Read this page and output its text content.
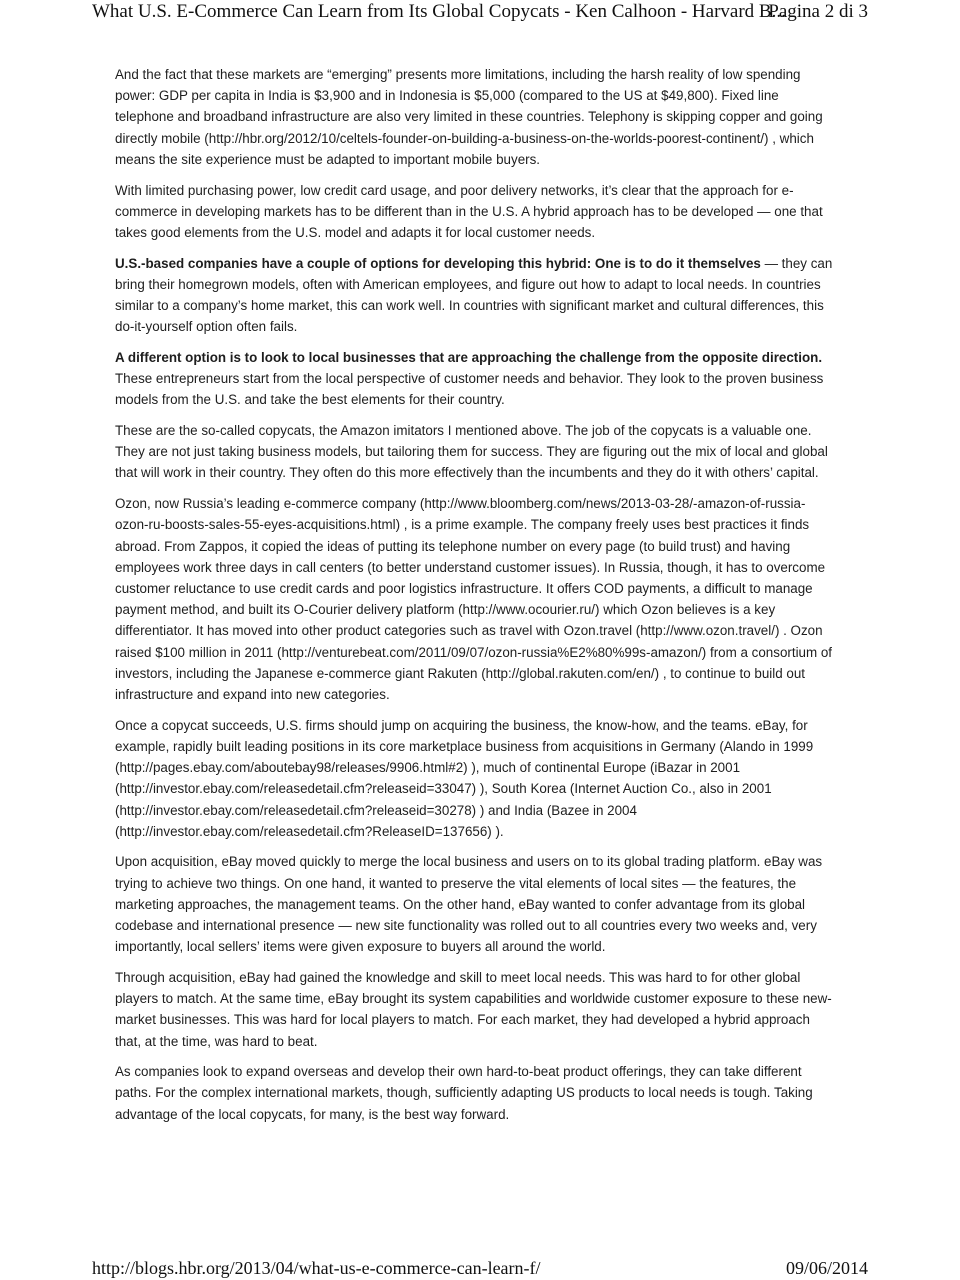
What U.S. E-Commerce Can Learn from Its Global Copycats - Ken Calhoon - Harvard B...
Pagina 2 di 3

And the fact that these markets are “emerging” presents more limitations, including the harsh reality of low spending power: GDP per capita in India is $3,900 and in Indonesia is $5,000 (compared to the US at $49,800). Fixed line telephone and broadband infrastructure are also very limited in these countries. Telephony is skipping copper and going directly mobile (http://hbr.org/2012/10/celtels-founder-on-building-a-business-on-the-worlds-poorest-continent/) , which means the site experience must be adapted to important mobile buyers.

With limited purchasing power, low credit card usage, and poor delivery networks, it’s clear that the approach for e-commerce in developing markets has to be different than in the U.S. A hybrid approach has to be developed — one that takes good elements from the U.S. model and adapts it for local customer needs.

U.S.-based companies have a couple of options for developing this hybrid: One is to do it themselves — they can bring their homegrown models, often with American employees, and figure out how to adapt to local needs. In countries similar to a company’s home market, this can work well. In countries with significant market and cultural differences, this do-it-yourself option often fails.

A different option is to look to local businesses that are approaching the challenge from the opposite direction. These entrepreneurs start from the local perspective of customer needs and behavior. They look to the proven business models from the U.S. and take the best elements for their country.

These are the so-called copycats, the Amazon imitators I mentioned above. The job of the copycats is a valuable one. They are not just taking business models, but tailoring them for success. They are figuring out the mix of local and global that will work in their country. They often do this more effectively than the incumbents and they do it with others’ capital.

Ozon, now Russia’s leading e-commerce company (http://www.bloomberg.com/news/2013-03-28/-amazon-of-russia-ozon-ru-boosts-sales-55-eyes-acquisitions.html) , is a prime example. The company freely uses best practices it finds abroad. From Zappos, it copied the ideas of putting its telephone number on every page (to build trust) and having employees work three days in call centers (to better understand customer issues). In Russia, though, it has to overcome customer reluctance to use credit cards and poor logistics infrastructure. It offers COD payments, a difficult to manage payment method, and built its O-Courier delivery platform (http://www.ocourier.ru/) which Ozon believes is a key differentiator. It has moved into other product categories such as travel with Ozon.travel (http://www.ozon.travel/) . Ozon raised $100 million in 2011 (http://venturebeat.com/2011/09/07/ozon-russia%E2%80%99s-amazon/) from a consortium of investors, including the Japanese e-commerce giant Rakuten (http://global.rakuten.com/en/) , to continue to build out infrastructure and expand into new categories.

Once a copycat succeeds, U.S. firms should jump on acquiring the business, the know-how, and the teams. eBay, for example, rapidly built leading positions in its core marketplace business from acquisitions in Germany (Alando in 1999 (http://pages.ebay.com/aboutebay98/releases/9906.html#2) ), much of continental Europe (iBazar in 2001 (http://investor.ebay.com/releasedetail.cfm?releaseid=33047) ), South Korea (Internet Auction Co., also in 2001 (http://investor.ebay.com/releasedetail.cfm?releaseid=30278) ) and India (Bazee in 2004 (http://investor.ebay.com/releasedetail.cfm?ReleaseID=137656) ).

Upon acquisition, eBay moved quickly to merge the local business and users on to its global trading platform. eBay was trying to achieve two things. On one hand, it wanted to preserve the vital elements of local sites — the features, the marketing approaches, the management teams. On the other hand, eBay wanted to confer advantage from its global codebase and international presence — new site functionality was rolled out to all countries every two weeks and, very importantly, local sellers’ items were given exposure to buyers all around the world.

Through acquisition, eBay had gained the knowledge and skill to meet local needs. This was hard to for other global players to match. At the same time, eBay brought its system capabilities and worldwide customer exposure to these new-market businesses. This was hard for local players to match. For each market, they had developed a hybrid approach that, at the time, was hard to beat.

As companies look to expand overseas and develop their own hard-to-beat product offerings, they can take different paths. For the complex international markets, though, sufficiently adapting US products to local needs is tough. Taking advantage of the local copycats, for many, is the best way forward.

http://blogs.hbr.org/2013/04/what-us-e-commerce-can-learn-f/	09/06/2014
